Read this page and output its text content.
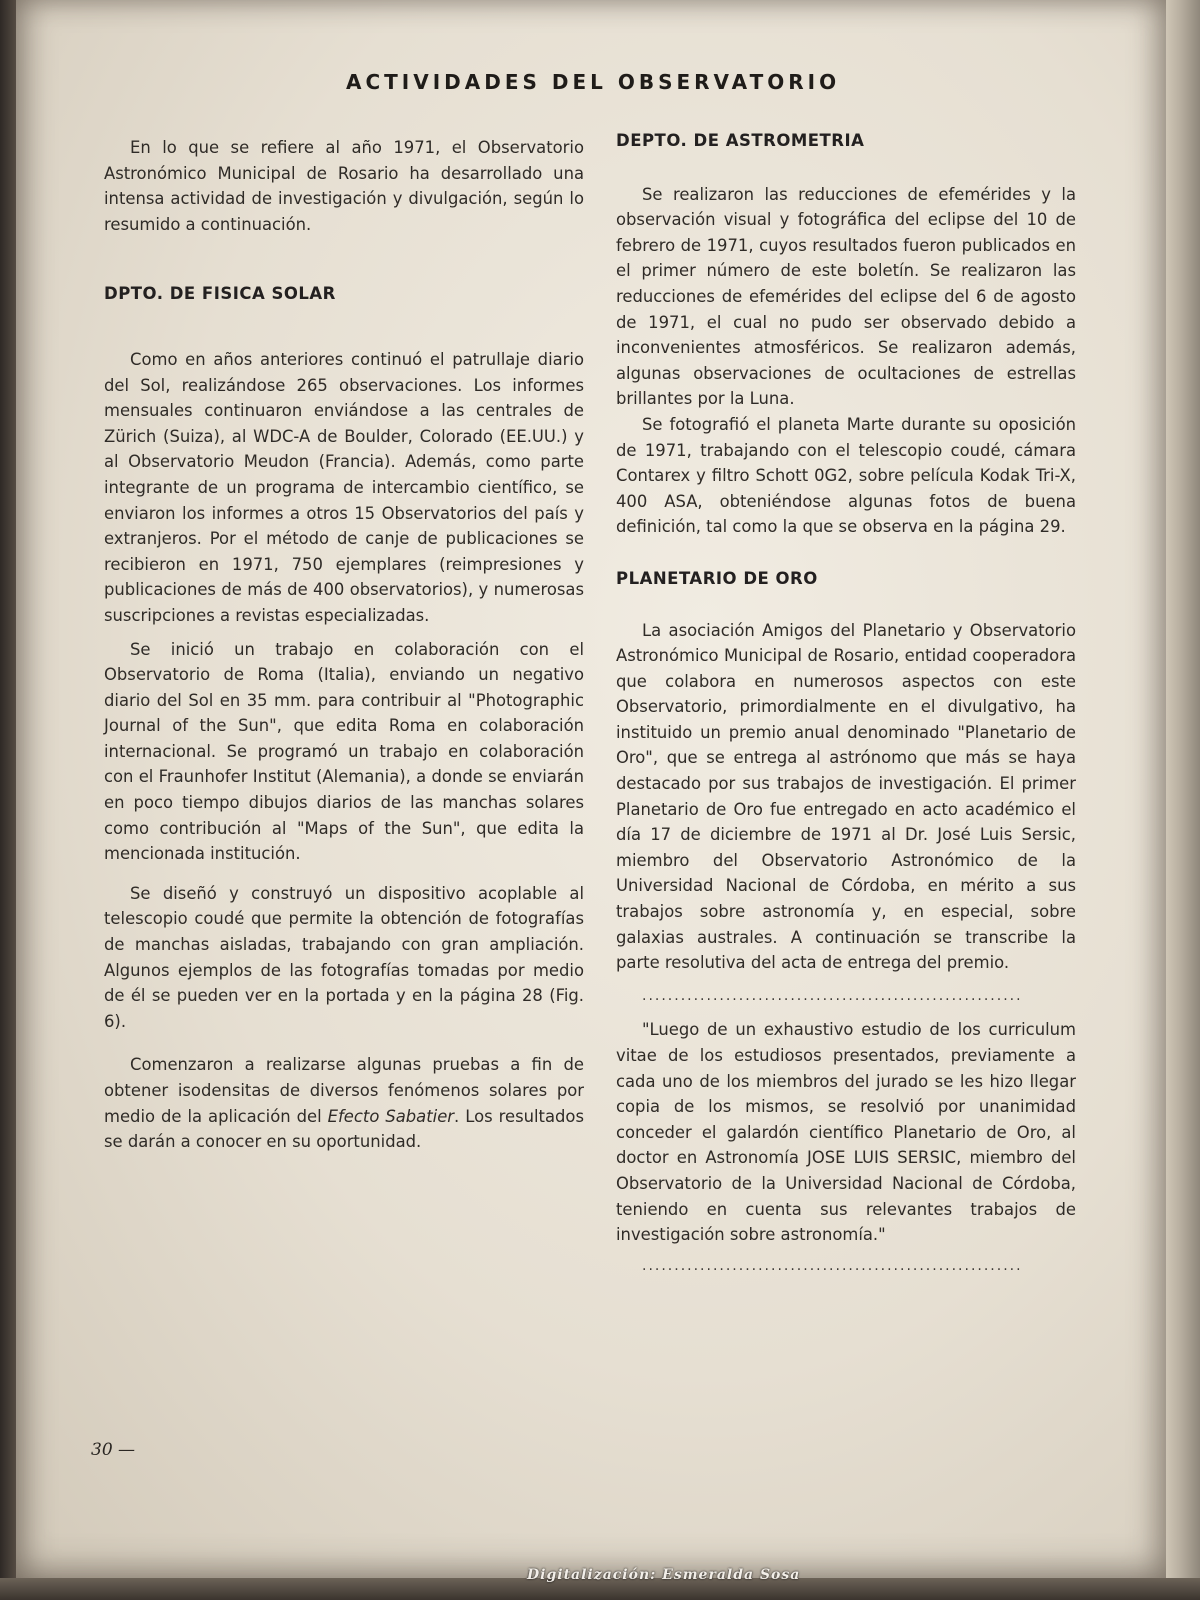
ACTIVIDADES DEL OBSERVATORIO

En lo que se refiere al año 1971, el Observatorio Astronómico Municipal de Rosario ha desarrollado una intensa actividad de investigación y divulgación, según lo resumido a continuación.

DPTO. DE FISICA SOLAR

Como en años anteriores continuó el patrullaje diario del Sol, realizándose 265 observaciones. Los informes mensuales continuaron enviándose a las centrales de Zürich (Suiza), al WDC-A de Boulder, Colorado (EE.UU.) y al Observatorio Meudon (Francia). Además, como parte integrante de un programa de intercambio científico, se enviaron los informes a otros 15 Observatorios del país y extranjeros. Por el método de canje de publicaciones se recibieron en 1971, 750 ejemplares (reimpresiones y publicaciones de más de 400 observatorios), y numerosas suscripciones a revistas especializadas.

Se inició un trabajo en colaboración con el Observatorio de Roma (Italia), enviando un negativo diario del Sol en 35 mm. para contribuir al "Photographic Journal of the Sun", que edita Roma en colaboración internacional. Se programó un trabajo en colaboración con el Fraunhofer Institut (Alemania), a donde se enviarán en poco tiempo dibujos diarios de las manchas solares como contribución al "Maps of the Sun", que edita la mencionada institución.

Se diseñó y construyó un dispositivo acoplable al telescopio coudé que permite la obtención de fotografías de manchas aisladas, trabajando con gran ampliación. Algunos ejemplos de las fotografías tomadas por medio de él se pueden ver en la portada y en la página 28 (Fig. 6).

Comenzaron a realizarse algunas pruebas a fin de obtener isodensitas de diversos fenómenos solares por medio de la aplicación del Efecto Sabatier. Los resultados se darán a conocer en su oportunidad.

DEPTO. DE ASTROMETRIA

Se realizaron las reducciones de efemérides y la observación visual y fotográfica del eclipse del 10 de febrero de 1971, cuyos resultados fueron publicados en el primer número de este boletín. Se realizaron las reducciones de efemérides del eclipse del 6 de agosto de 1971, el cual no pudo ser observado debido a inconvenientes atmosféricos. Se realizaron además, algunas observaciones de ocultaciones de estrellas brillantes por la Luna.

Se fotografió el planeta Marte durante su oposición de 1971, trabajando con el telescopio coudé, cámara Contarex y filtro Schott 0G2, sobre película Kodak Tri-X, 400 ASA, obteniéndose algunas fotos de buena definición, tal como la que se observa en la página 29.

PLANETARIO DE ORO

La asociación Amigos del Planetario y Observatorio Astronómico Municipal de Rosario, entidad cooperadora que colabora en numerosos aspectos con este Observatorio, primordialmente en el divulgativo, ha instituido un premio anual denominado "Planetario de Oro", que se entrega al astrónomo que más se haya destacado por sus trabajos de investigación. El primer Planetario de Oro fue entregado en acto académico el día 17 de diciembre de 1971 al Dr. José Luis Sersic, miembro del Observatorio Astronómico de la Universidad Nacional de Córdoba, en mérito a sus trabajos sobre astronomía y, en especial, sobre galaxias australes. A continuación se transcribe la parte resolutiva del acta de entrega del premio.

...........................................................

"Luego de un exhaustivo estudio de los curriculum vitae de los estudiosos presentados, previamente a cada uno de los miembros del jurado se les hizo llegar copia de los mismos, se resolvió por unanimidad conceder el galardón científico Planetario de Oro, al doctor en Astronomía JOSE LUIS SERSIC, miembro del Observatorio de la Universidad Nacional de Córdoba, teniendo en cuenta sus relevantes trabajos de investigación sobre astronomía."

...........................................................

30 —
Digitalización: Esmeralda Sosa
